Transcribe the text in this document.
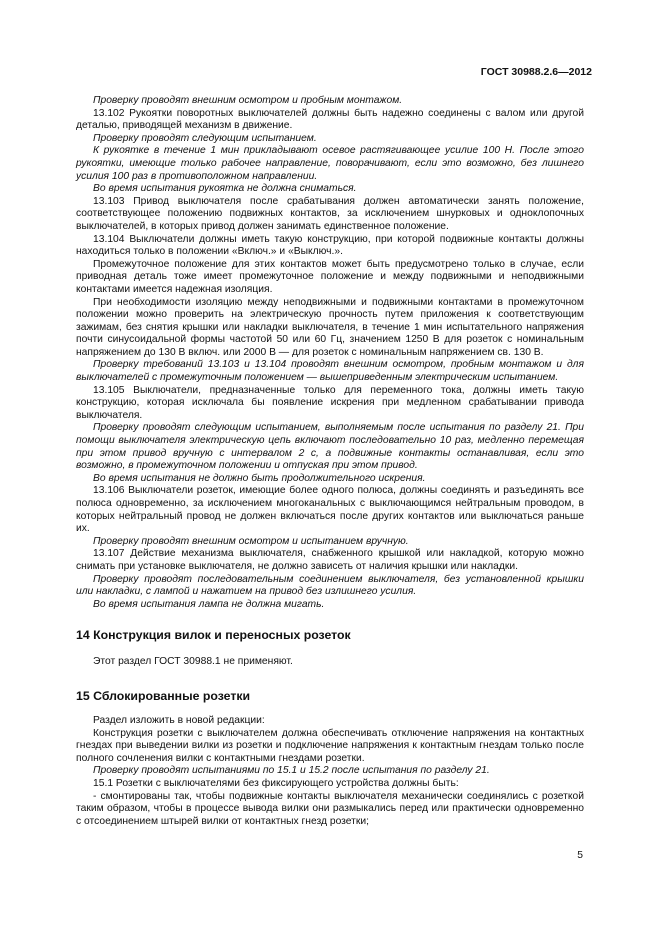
ГОСТ 30988.2.6—2012

Проверку проводят внешним осмотром и пробным монтажом.

13.102 Рукоятки поворотных выключателей должны быть надежно соединены с валом или другой деталью, приводящей механизм в движение.

Проверку проводят следующим испытанием.

К рукоятке в течение 1 мин прикладывают осевое растягивающее усилие 100 Н. После этого рукоятки, имеющие только рабочее направление, поворачивают, если это возможно, без лишнего усилия 100 раз в противоположном направлении.

Во время испытания рукоятка не должна сниматься.

13.103 Привод выключателя после срабатывания должен автоматически занять положение, соответствующее положению подвижных контактов, за исключением шнурковых и одноклопочных выключателей, в которых привод должен занимать единственное положение.

13.104 Выключатели должны иметь такую конструкцию, при которой подвижные контакты должны находиться только в положении «Включ.» и «Выключ.».

Промежуточное положение для этих контактов может быть предусмотрено только в случае, если приводная деталь тоже имеет промежуточное положение и между подвижными и неподвижными контактами имеется надежная изоляция.

При необходимости изоляцию между неподвижными и подвижными контактами в промежуточном положении можно проверить на электрическую прочность путем приложения к соответствующим зажимам, без снятия крышки или накладки выключателя, в течение 1 мин испытательного напряжения почти синусоидальной формы частотой 50 или 60 Гц, значением 1250 В для розеток с номинальным напряжением до 130 В включ. или 2000 В — для розеток с номинальным напряжением св. 130 В.

Проверку требований 13.103 и 13.104 проводят внешним осмотром, пробным монтажом и для выключателей с промежуточным положением — вышеприведенным электрическим испытанием.

13.105 Выключатели, предназначенные только для переменного тока, должны иметь такую конструкцию, которая исключала бы появление искрения при медленном срабатывании привода выключателя.

Проверку проводят следующим испытанием, выполняемым после испытания по разделу 21. При помощи выключателя электрическую цепь включают последовательно 10 раз, медленно перемещая при этом привод вручную с интервалом 2 с, а подвижные контакты останавливая, если это возможно, в промежуточном положении и отпуская при этом привод.

Во время испытания не должно быть продолжительного искрения.

13.106 Выключатели розеток, имеющие более одного полюса, должны соединять и разъединять все полюса одновременно, за исключением многоканальных с выключающимся нейтральным проводом, в которых нейтральный провод не должен включаться после других контактов или выключаться раньше их.

Проверку проводят внешним осмотром и испытанием вручную.

13.107 Действие механизма выключателя, снабженного крышкой или накладкой, которую можно снимать при установке выключателя, не должно зависеть от наличия крышки или накладки.

Проверку проводят последовательным соединением выключателя, без установленной крышки или накладки, с лампой и нажатием на привод без излишнего усилия.

Во время испытания лампа не должна мигать.

14 Конструкция вилок и переносных розеток

Этот раздел ГОСТ 30988.1 не применяют.

15 Сблокированные розетки

Раздел изложить в новой редакции:

Конструкция розетки с выключателем должна обеспечивать отключение напряжения на контактных гнездах при выведении вилки из розетки и подключение напряжения к контактным гнездам только после полного сочленения вилки с контактными гнездами розетки.

Проверку проводят испытаниями по 15.1 и 15.2 после испытания по разделу 21.

15.1 Розетки с выключателями без фиксирующего устройства должны быть:

- смонтированы так, чтобы подвижные контакты выключателя механически соединялись с розеткой таким образом, чтобы в процессе вывода вилки они размыкались перед или практически одновременно с отсоединением штырей вилки от контактных гнезд розетки;

5
